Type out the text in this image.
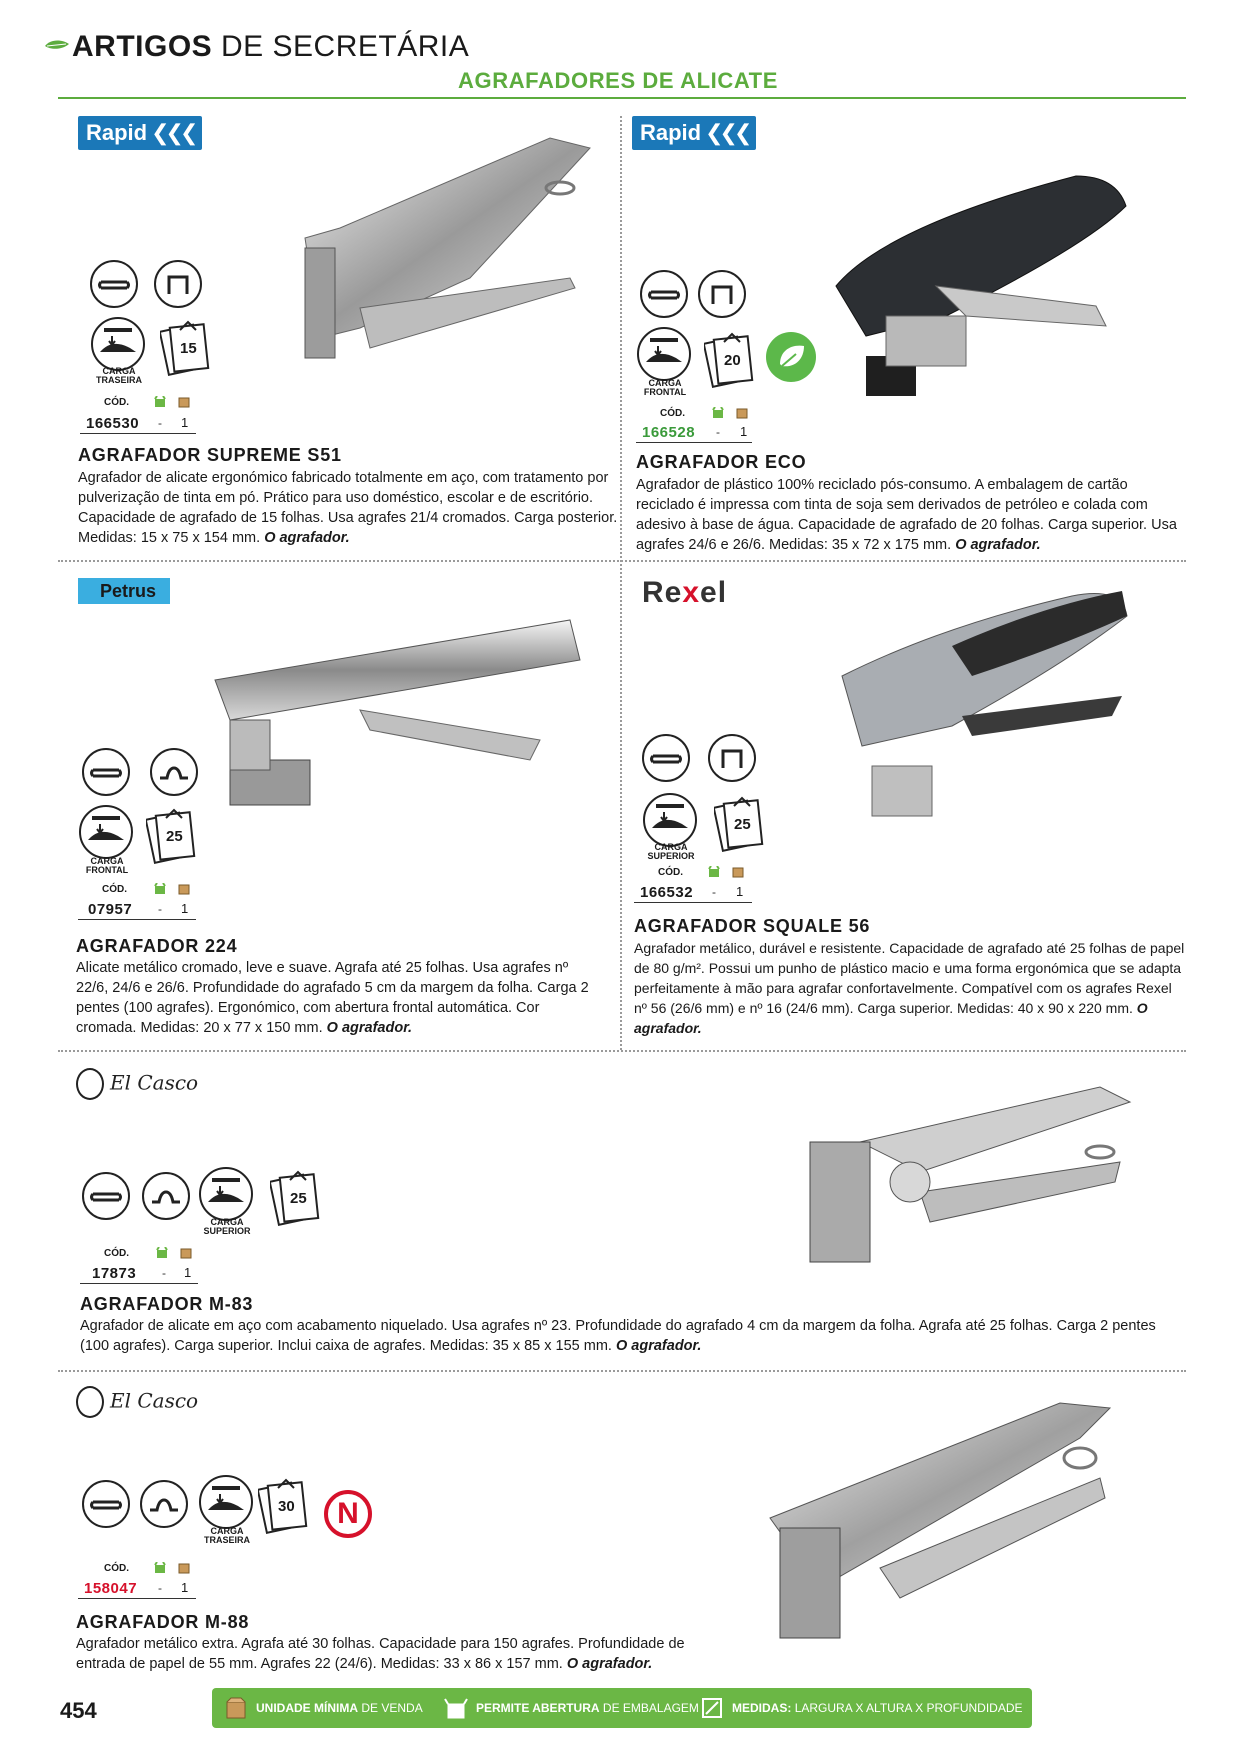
ARTIGOS DE SECRETÁRIA
AGRAFADORES DE ALICATE
Rapid ❮❮❮
CARGA
TRASEIRA
15
CÓD.
166530 - 1
AGRAFADOR SUPREME S51
Agrafador de alicate ergonómico fabricado totalmente em aço, com tratamento por pulverização de tinta em pó. Prático para uso doméstico, escolar e de escritório. Capacidade de agrafado de 15 folhas. Usa agrafes 21/4 cromados. Carga posterior. Medidas: 15 x 75 x 154 mm. O agrafador.
Rapid ❮❮❮
CARGA
FRONTAL
20
CÓD.
166528 - 1
AGRAFADOR ECO
Agrafador de plástico 100% reciclado pós-consumo. A embalagem de cartão reciclado é impressa com tinta de soja sem derivados de petróleo e colada com adesivo à base de água. Capacidade de agrafado de 20 folhas. Carga superior. Usa agrafes 24/6 e 26/6. Medidas: 35 x 72 x 175 mm. O agrafador.
Petrus
CARGA
FRONTAL
25
CÓD.
07957 - 1
AGRAFADOR 224
Alicate metálico cromado, leve e suave. Agrafa até 25 folhas. Usa agrafes nº 22/6, 24/6 e 26/6. Profundidade do agrafado 5 cm da margem da folha. Carga 2 pentes (100 agrafes). Ergonómico, com abertura frontal automática. Cor cromada. Medidas: 20 x 77 x 150 mm. O agrafador.
Rexel
CARGA
SUPERIOR
25
CÓD.
166532 - 1
AGRAFADOR SQUALE 56
Agrafador metálico, durável e resistente. Capacidade de agrafado até 25 folhas de papel de 80 g/m². Possui um punho de plástico macio e uma forma ergonómica que se adapta perfeitamente à mão para agrafar confortavelmente. Compatível com os agrafes Rexel nº 56 (26/6 mm) e nº 16 (24/6 mm). Carga superior. Medidas: 40 x 90 x 220 mm. O agrafador.
El Casco
CARGA
SUPERIOR
25
CÓD.
17873 - 1
AGRAFADOR M-83
Agrafador de alicate em aço com acabamento niquelado. Usa agrafes nº 23. Profundidade do agrafado 4 cm da margem da folha. Agrafa até 25 folhas. Carga 2 pentes (100 agrafes). Carga superior. Inclui caixa de agrafes. Medidas: 35 x 85 x 155 mm. O agrafador.
El Casco
CARGA
TRASEIRA
30	N
CÓD.
158047 - 1
AGRAFADOR M-88
Agrafador metálico extra. Agrafa até 30 folhas. Capacidade para 150 agrafes. Profundidade de entrada de papel de 55 mm. Agrafes 22 (24/6). Medidas: 33 x 86 x 157 mm. O agrafador.
454	UNIDADE MÍNIMA DE VENDA	PERMITE ABERTURA DE EMBALAGEM	MEDIDAS: LARGURA X ALTURA X PROFUNDIDADE
